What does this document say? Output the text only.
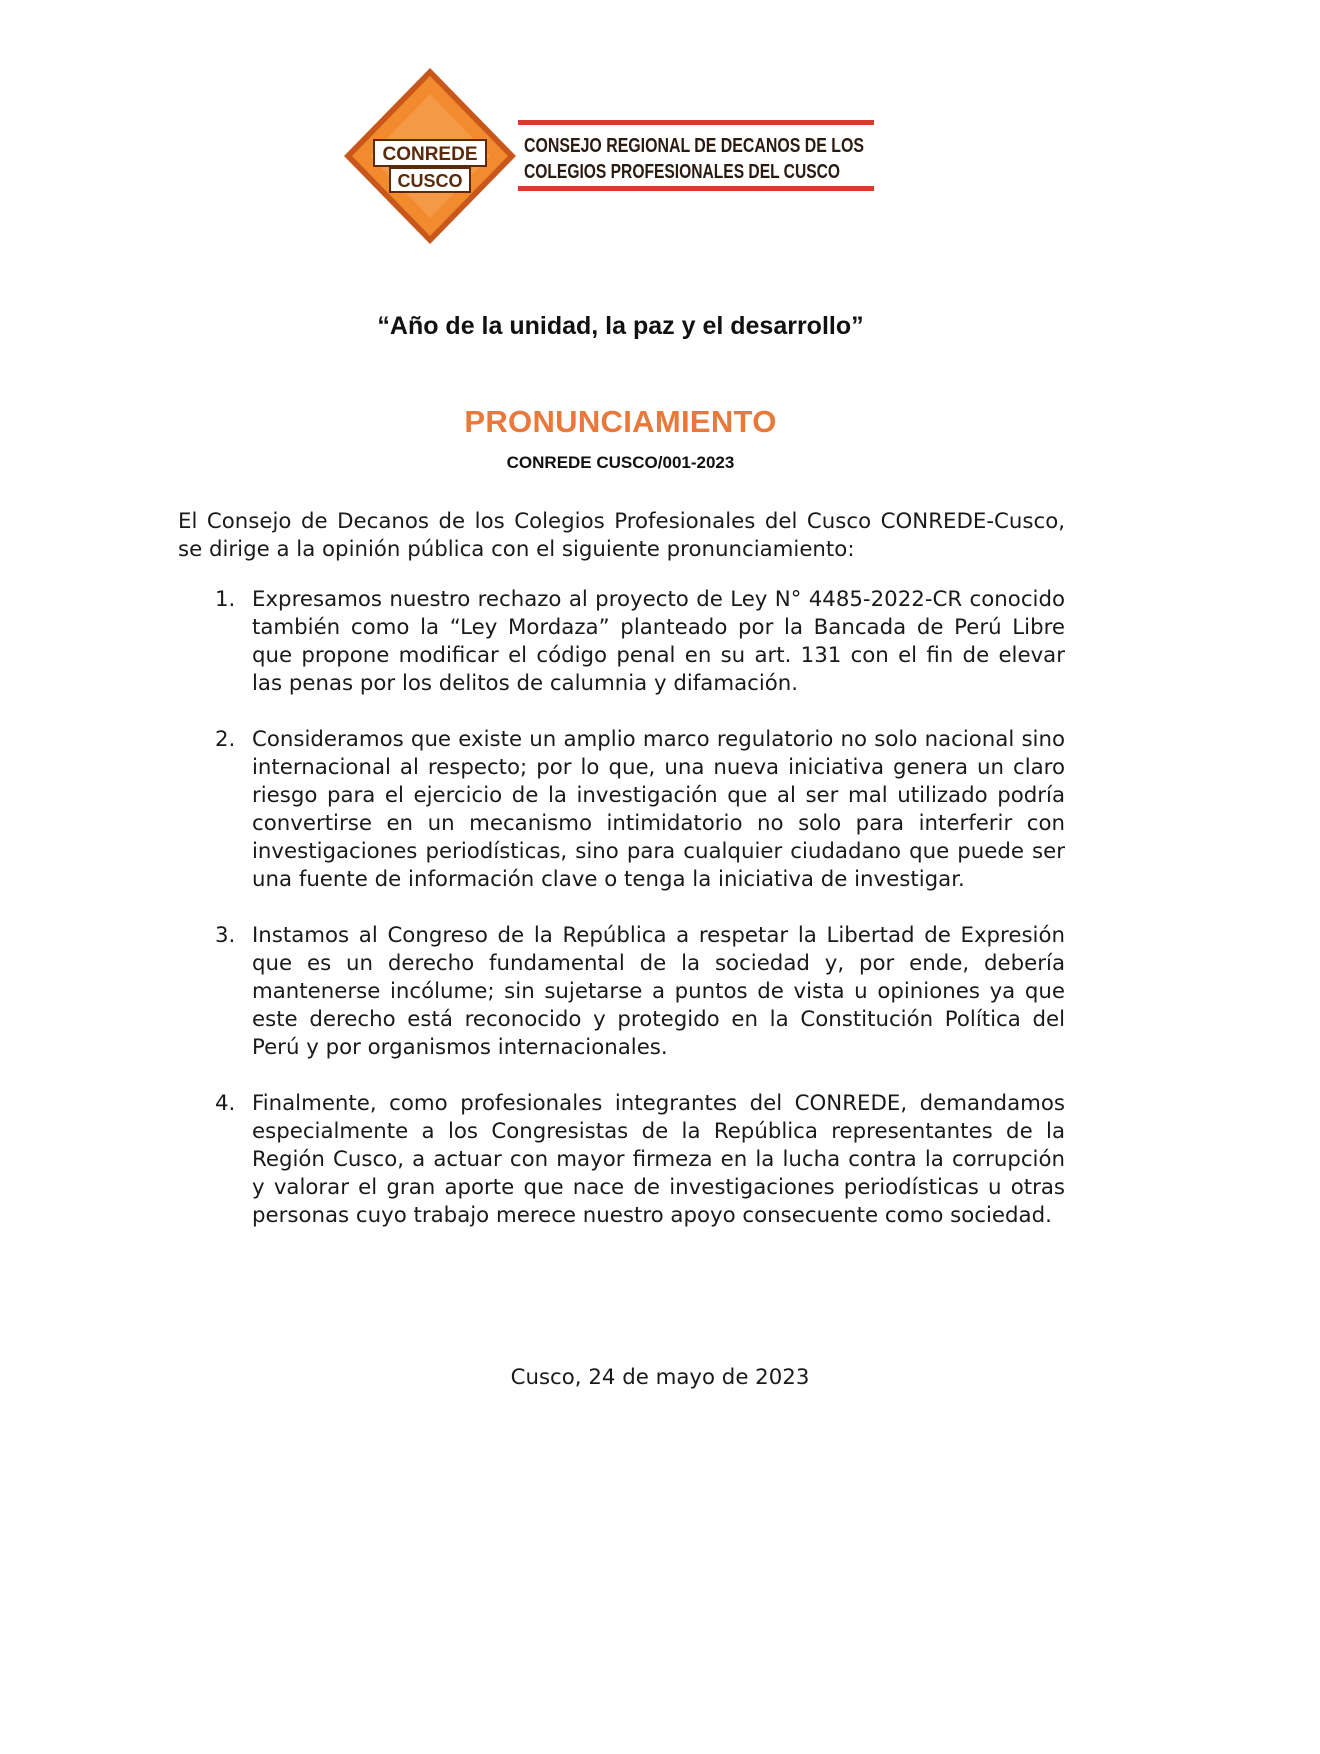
CONREDE
CUSCO
CONSEJO REGIONAL DE DECANOS DE LOS
COLEGIOS PROFESIONALES DEL CUSCO
“Año de la unidad, la paz y el desarrollo”
PRONUNCIAMIENTO
CONREDE CUSCO/001-2023

El Consejo de Decanos de los Colegios Profesionales del Cusco CONREDE-Cusco, se dirige a la opinión pública con el siguiente pronunciamiento:

1. Expresamos nuestro rechazo al proyecto de Ley N° 4485-2022-CR conocido también como la “Ley Mordaza” planteado por la Bancada de Perú Libre que propone modificar el código penal en su art. 131 con el fin de elevar las penas por los delitos de calumnia y difamación.
2. Consideramos que existe un amplio marco regulatorio no solo nacional sino internacional al respecto; por lo que, una nueva iniciativa genera un claro riesgo para el ejercicio de la investigación que al ser mal utilizado podría convertirse en un mecanismo intimidatorio no solo para interferir con investigaciones periodísticas, sino para cualquier ciudadano que puede ser una fuente de información clave o tenga la iniciativa de investigar.
3. Instamos al Congreso de la República a respetar la Libertad de Expresión que es un derecho fundamental de la sociedad y, por ende, debería mantenerse incólume; sin sujetarse a puntos de vista u opiniones ya que este derecho está reconocido y protegido en la Constitución Política del Perú y por organismos internacionales.
4. Finalmente, como profesionales integrantes del CONREDE, demandamos especialmente a los Congresistas de la República representantes de la Región Cusco, a actuar con mayor firmeza en la lucha contra la corrupción y valorar el gran aporte que nace de investigaciones periodísticas u otras personas cuyo trabajo merece nuestro apoyo consecuente como sociedad.
Cusco, 24 de mayo de 2023
